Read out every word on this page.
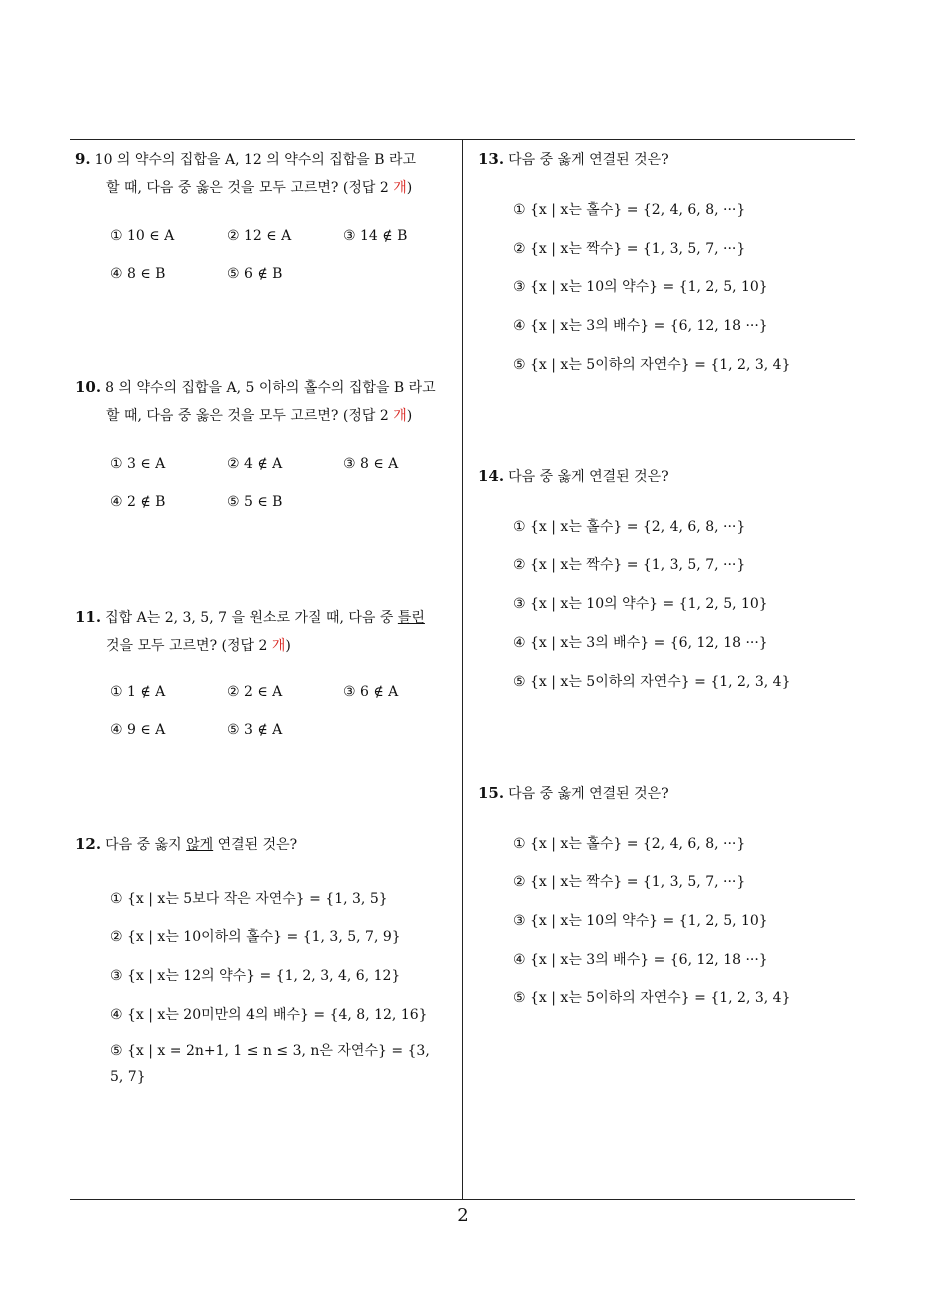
9. 10 의 약수의 집합을 A, 12 의 약수의 집합을 B 라고
할 때, 다음 중 옳은 것을 모두 고르면? (정답 2 개)
① 10 ∈ A	② 12 ∈ A	③ 14 ∉ B
④ 8 ∈ B	⑤ 6 ∉ B
10. 8 의 약수의 집합을 A, 5 이하의 홀수의 집합을 B 라고
할 때, 다음 중 옳은 것을 모두 고르면? (정답 2 개)
① 3 ∈ A	② 4 ∉ A	③ 8 ∈ A
④ 2 ∉ B	⑤ 5 ∈ B
11. 집합 A는 2, 3, 5, 7 을 원소로 가질 때, 다음 중 틀린
것을 모두 고르면? (정답 2 개)
① 1 ∉ A	② 2 ∈ A	③ 6 ∉ A
④ 9 ∈ A	⑤ 3 ∉ A
12. 다음 중 옳지 않게 연결된 것은?
① {x | x는 5보다 작은 자연수} = {1, 3, 5}
② {x | x는 10이하의 홀수} = {1, 3, 5, 7, 9}
③ {x | x는 12의 약수} = {1, 2, 3, 4, 6, 12}
④ {x | x는 20미만의 4의 배수} = {4, 8, 12, 16}
⑤ {x | x = 2n+1, 1 ≤ n ≤ 3, n은 자연수} = {3, 5, 7}
13. 다음 중 옳게 연결된 것은?
① {x | x는 홀수} = {2, 4, 6, 8, ···}
② {x | x는 짝수} = {1, 3, 5, 7, ···}
③ {x | x는 10의 약수} = {1, 2, 5, 10}
④ {x | x는 3의 배수} = {6, 12, 18 ···}
⑤ {x | x는 5이하의 자연수} = {1, 2, 3, 4}
14. 다음 중 옳게 연결된 것은?
① {x | x는 홀수} = {2, 4, 6, 8, ···}
② {x | x는 짝수} = {1, 3, 5, 7, ···}
③ {x | x는 10의 약수} = {1, 2, 5, 10}
④ {x | x는 3의 배수} = {6, 12, 18 ···}
⑤ {x | x는 5이하의 자연수} = {1, 2, 3, 4}
15. 다음 중 옳게 연결된 것은?
① {x | x는 홀수} = {2, 4, 6, 8, ···}
② {x | x는 짝수} = {1, 3, 5, 7, ···}
③ {x | x는 10의 약수} = {1, 2, 5, 10}
④ {x | x는 3의 배수} = {6, 12, 18 ···}
⑤ {x | x는 5이하의 자연수} = {1, 2, 3, 4}
2
